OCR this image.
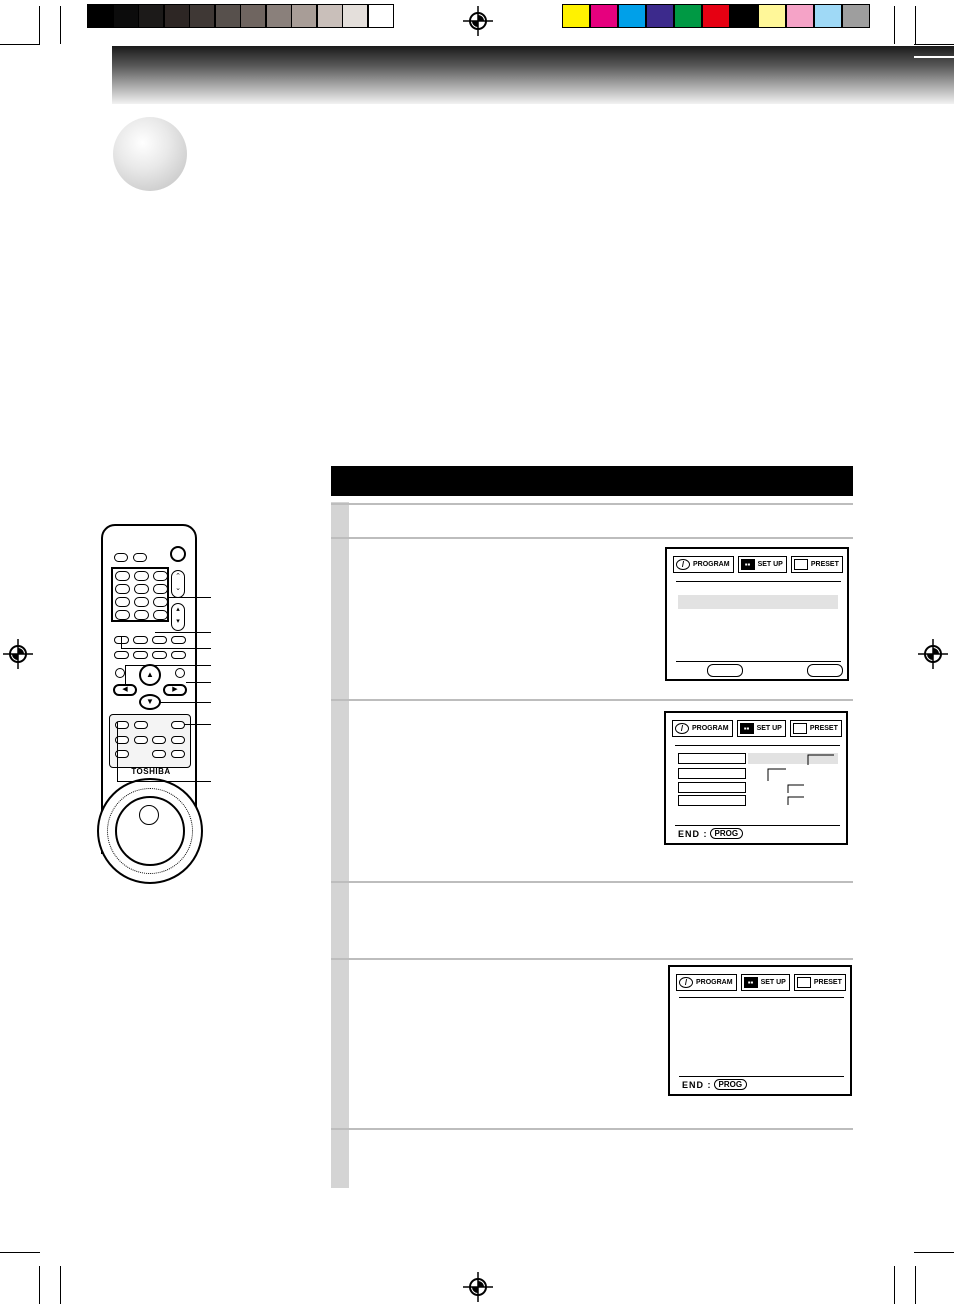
/	PROGRAM	▪▪	SET UP	PRESET
/	PROGRAM	▪▪	SET UP	PRESET
END : PROG
/	PROGRAM	▪▪	SET UP	PRESET
END : PROG
⌃
⌄
▴
▾
▲
▼
◀	▶
TOSHIBA
